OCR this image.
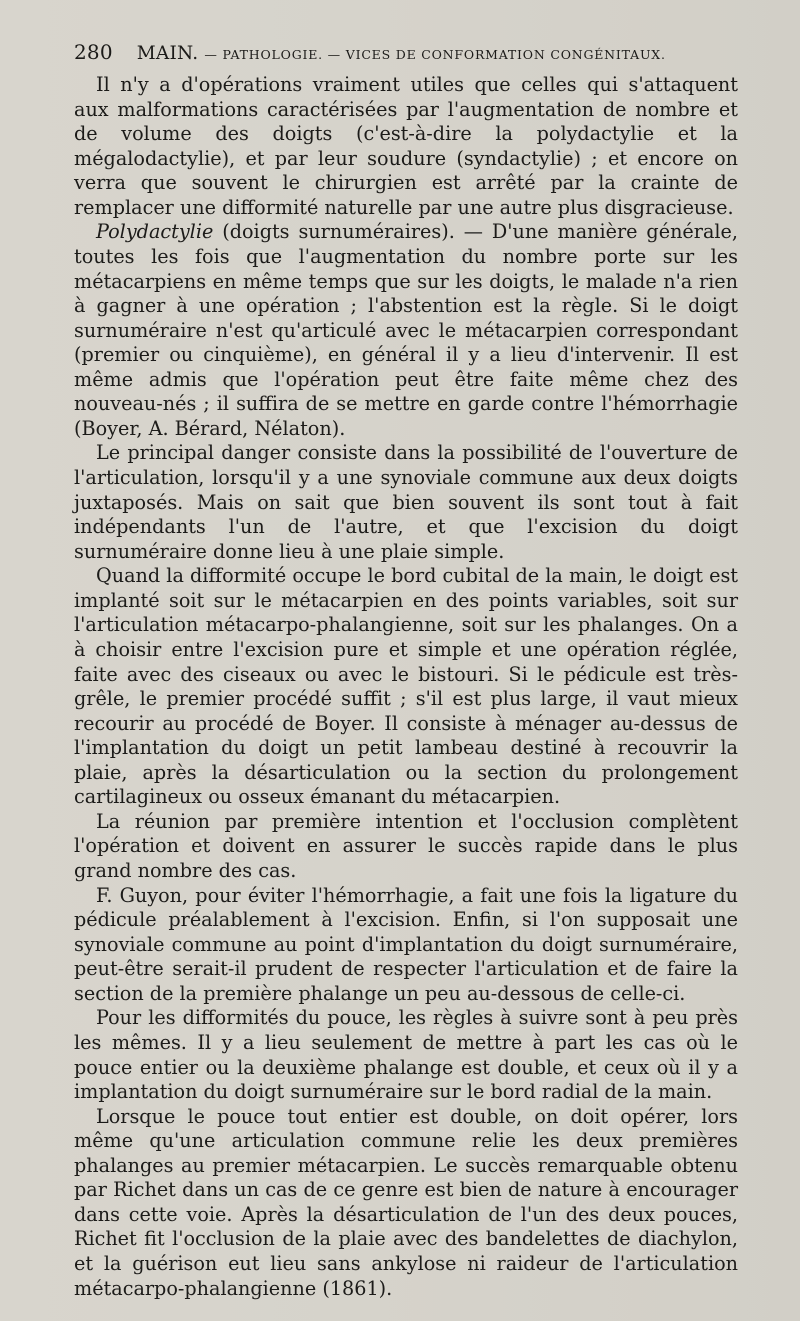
280 MAIN. — PATHOLOGIE. — VICES DE CONFORMATION CONGÉNITAUX.

Il n'y a d'opérations vraiment utiles que celles qui s'attaquent aux malformations caractérisées par l'augmentation de nombre et de volume des doigts (c'est-à-dire la polydactylie et la mégalodactylie), et par leur soudure (syndactylie) ; et encore on verra que souvent le chirurgien est arrêté par la crainte de remplacer une difformité naturelle par une autre plus disgracieuse.

Polydactylie (doigts surnuméraires). — D'une manière générale, toutes les fois que l'augmentation du nombre porte sur les métacarpiens en même temps que sur les doigts, le malade n'a rien à gagner à une opération ; l'abstention est la règle. Si le doigt surnuméraire n'est qu'articulé avec le métacarpien correspondant (premier ou cinquième), en général il y a lieu d'intervenir. Il est même admis que l'opération peut être faite même chez des nouveau-nés ; il suffira de se mettre en garde contre l'hémorrhagie (Boyer, A. Bérard, Nélaton).

Le principal danger consiste dans la possibilité de l'ouverture de l'articulation, lorsqu'il y a une synoviale commune aux deux doigts juxtaposés. Mais on sait que bien souvent ils sont tout à fait indépendants l'un de l'autre, et que l'excision du doigt surnuméraire donne lieu à une plaie simple.

Quand la difformité occupe le bord cubital de la main, le doigt est implanté soit sur le métacarpien en des points variables, soit sur l'articulation métacarpo-phalangienne, soit sur les phalanges. On a à choisir entre l'excision pure et simple et une opération réglée, faite avec des ciseaux ou avec le bistouri. Si le pédicule est très-grêle, le premier procédé suffit ; s'il est plus large, il vaut mieux recourir au procédé de Boyer. Il consiste à ménager au-dessus de l'implantation du doigt un petit lambeau destiné à recouvrir la plaie, après la désarticulation ou la section du prolongement cartilagineux ou osseux émanant du métacarpien.

La réunion par première intention et l'occlusion complètent l'opération et doivent en assurer le succès rapide dans le plus grand nombre des cas.

F. Guyon, pour éviter l'hémorrhagie, a fait une fois la ligature du pédicule préalablement à l'excision. Enfin, si l'on supposait une synoviale commune au point d'implantation du doigt surnuméraire, peut-être serait-il prudent de respecter l'articulation et de faire la section de la première phalange un peu au-dessous de celle-ci.

Pour les difformités du pouce, les règles à suivre sont à peu près les mêmes. Il y a lieu seulement de mettre à part les cas où le pouce entier ou la deuxième phalange est double, et ceux où il y a implantation du doigt surnuméraire sur le bord radial de la main.

Lorsque le pouce tout entier est double, on doit opérer, lors même qu'une articulation commune relie les deux premières phalanges au premier métacarpien. Le succès remarquable obtenu par Richet dans un cas de ce genre est bien de nature à encourager dans cette voie. Après la désarticulation de l'un des deux pouces, Richet fit l'occlusion de la plaie avec des bandelettes de diachylon, et la guérison eut lieu sans ankylose ni raideur de l'articulation métacarpo-phalangienne (1861).
